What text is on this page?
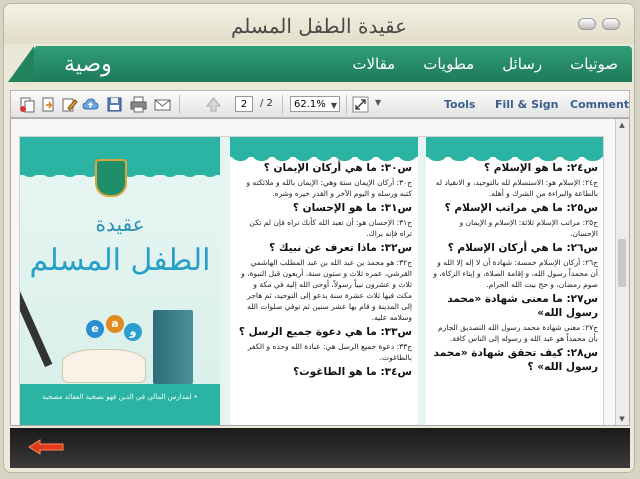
عقيدة الطفل المسلم
صوتيات
رسائل
مطويات
مقالات
وصية
2	/ 2	62.1% ▼	▼	Tools Fill & Sign Comment
عقيدة
الطفل المسلم
e	a
و
• لمدارس المالي في الدين فهو نصحية العقائد مصحية
س٣٠: ما هي أركان الإيمان ؟
ج٣٠: أركان الإيمان ستة وهي: الإيمان بالله و ملائكته و كتبه ورسله و اليوم الآخر و القدر خيره وشره.
س٣١: ما هو الإحسان ؟
ج٣١: الإحسان هو: أن تعبد الله كأنك تراه فإن لم تكن تراه فإنه يراك.
س٣٢: ماذا تعرف عن نبيك ؟
ج٣٢: هو محمد بن عبد الله بن عبد المطلب الهاشمي القرشي، عمره ثلاث و ستون سنة، أربعون قبل النبوة، و ثلاث و عشرون نبياً رسولاً، أوحى الله إليه في مكة و مكث فيها ثلاث عشرة سنة يدعو إلى التوحيد، ثم هاجر إلى المدينة و قام بها عشر سنين ثم توفي صلوات الله وسلامه عليه.
س٣٣: ما هي دعوة جميع الرسل ؟
ج٣٣: دعوة جميع الرسل هي: عبادة الله وحده و الكفر بالطاغوت.
س٣٤: ما هو الطاغوت؟
س٢٤: ما هو الإسلام ؟
ج٢٤: الإسلام هو: الاستسلام لله بالتوحيد، و الانقياد له بالطاعة والبراءة من الشرك و أهله.
س٢٥: ما هي مراتب الإسلام ؟
ج٢٥: مراتب الإسلام ثلاثة: الإسلام و الإيمان و الإحسان.
س٢٦: ما هي أركان الإسلام ؟
ج٢٦: أركان الإسلام خمسة: شهادة أن لا إله إلا الله و أن محمداً رسول الله، و إقامة الصلاة، و إيتاء الزكاة، و صوم رمضان، و حج بيت الله الحرام.
س٢٧: ما معنى شهادة «محمد رسول الله»
ج٢٧: معنى شهادة محمد رسول الله التصديق الجازم بأن محمداً هو عبد الله و رسوله إلى الناس كافة.
س٢٨: كيف تحقق شهادة «محمد رسول الله» ؟
▲
▼
